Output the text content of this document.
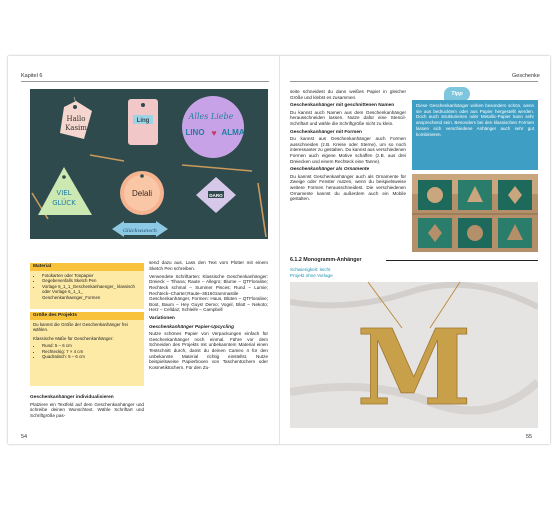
Kapitel 6
Hallo
Kasim
Ling	Alles Liebe
LINO ♥ ALMA
VIEL
GLÜCK
Delali	DARO
Glückwunsch
Material
• Fotokarten oder Tonpapier
• Gegebenenfalls Sketch Pen
• Vorlage 6_1_1_Geschenkanhaenger_ klassisch oder Vorlage 6_1_1_ Geschenkanhaenger_Formen
Größe des Projekts
Du kannst die Größe der Geschenkanhänger frei wählen.
Klassische Maße für Geschenkanhänger:
• Rund: 5 – 6 cm
• Rechteckig: 7 × 4 cm
• Quadratisch: 5 – 6 cm
Geschenkanhänger individualisieren

Platziere ein Textfeld auf dem Geschenkanhänger und schreibe deinen Wunschtext. Wähle Schriftart und Schriftgröße pas-

send dazu aus. Lass den Text vom Plotter mit einem Sketch Pen schreiben.

Verwendete Schriftarten: Klassische Geschenkanhänger: Dreieck – Tihana; Raute – Allegro; Blume – QTFloraline; Rechteck schmal – Summer Pisces; Rund – Lumie; Rechteck–Charter;Raute–3616Grammastile Geschenkanhänger, Formen: Haus, Blüten – QTFloraline; Boot, Baum – Hey Guys! Demo; Vogel, Blatt – Nekoto; Herz – Celldaz; Schleife – Campbell

Variationen
Geschenkanhänger Papier-Upcycling

Nutze schönes Papier von Verpackungen einfach für Geschenkanhänger noch einmal. Führe vor dem Schneiden des Projekts mit unbekanntem Material einen Testschnitt durch, damit du deinen Cameo 4 für den unbekannte Material richtig einstellst. Nutze beispielsweise Papierboxen von Taschentüchern oder Kosmetiktüchern. Für den Zu-

54
Geschenke

seite schneidest du dann weißes Papier in gleicher Größe und klebst es zusammen.

Geschenkanhänger mit geschnittenen Namen

Du kannst auch Namen aus dem Geschenkanhänger herausschneiden lassen. Nutze dafür eine Stencil-Schriftart und wähle die Schriftgröße nicht zu klein.

Geschenkanhänger mit Formen

Du kannst aus Geschenkanhänger auch Formen ausschneiden (z.B. Kreise oder Sterne), um so noch interessanter zu gestalten. Du kannst aus verschiedenen Formen auch eigene Motive schaffen (z.B. aus drei Dreiecken und einem Rechteck eine Tanne).

Geschenkanhänger als Ornamente

Du kannst Geschenkanhänger auch als Ornamente für Zweige oder Fenster nutzen, wenn du beispielsweise weitere Formen herausschneidest. Die verschiedenen Ornamente kannst du außerdem auch ein Mobile gestalten.

Tipp
Diese Geschenkanhänger wirken besonders schön, wenn sie aus bedrucktem oder aus Papier hergestellt werden. Doch auch strukturiertes oder Metallic-Papier kann sehr ansprechend sein. Besonders bei den klassischen Formen lassen sich verschiedene Anhänger auch sehr gut kombinieren.
6.1.2 Monogramm-Anhänger
Schwierigkeit: leicht
Projekt ohne Vorlage
M
55
